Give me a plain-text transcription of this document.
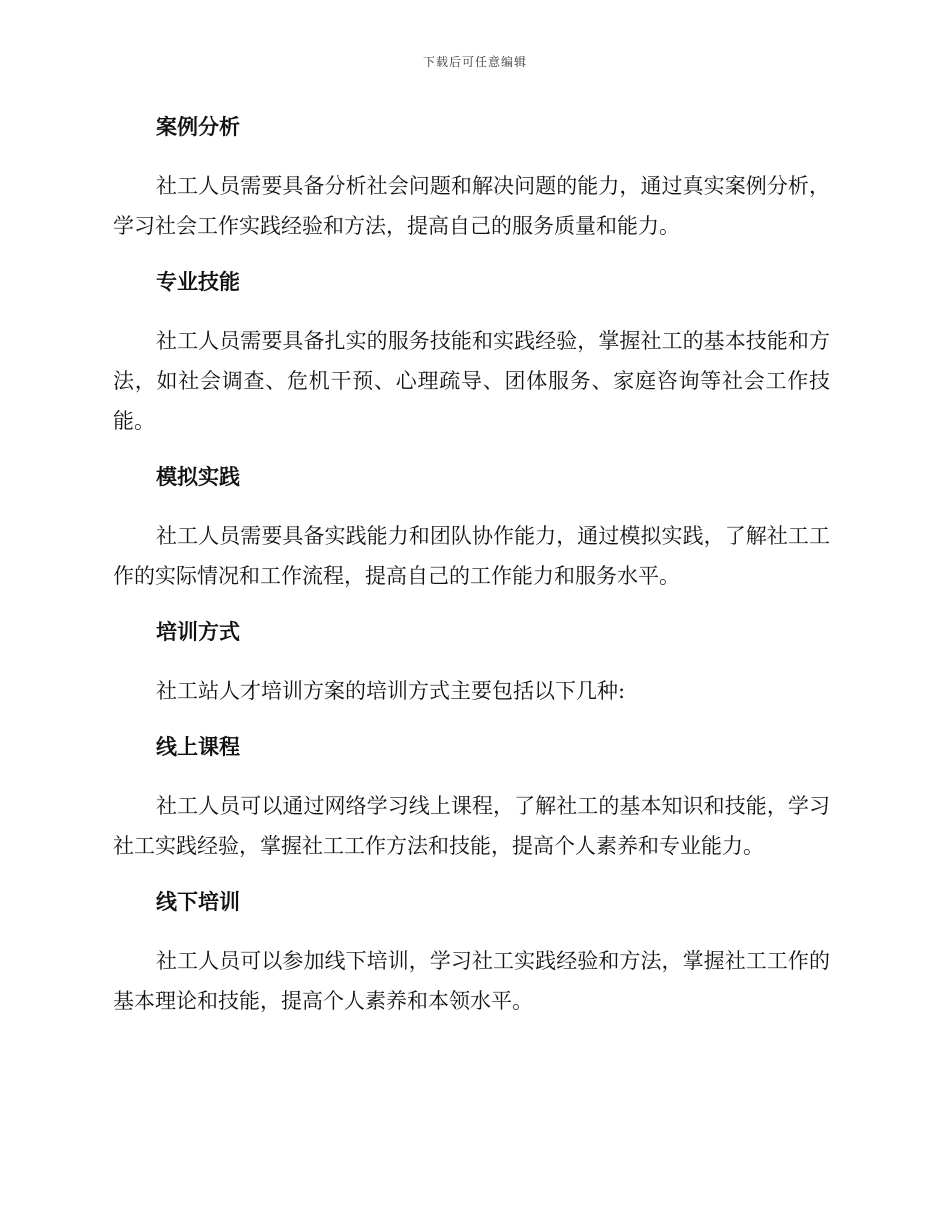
下载后可任意编辑
案例分析

社工人员需要具备分析社会问题和解决问题的能力，通过真实案例分析，学习社会工作实践经验和方法，提高自己的服务质量和能力。

专业技能

社工人员需要具备扎实的服务技能和实践经验，掌握社工的基本技能和方法，如社会调查、危机干预、心理疏导、团体服务、家庭咨询等社会工作技能。

模拟实践

社工人员需要具备实践能力和团队协作能力，通过模拟实践，了解社工工作的实际情况和工作流程，提高自己的工作能力和服务水平。

培训方式

社工站人才培训方案的培训方式主要包括以下几种:

线上课程

社工人员可以通过网络学习线上课程，了解社工的基本知识和技能，学习社工实践经验，掌握社工工作方法和技能，提高个人素养和专业能力。

线下培训

社工人员可以参加线下培训，学习社工实践经验和方法，掌握社工工作的基本理论和技能，提高个人素养和本领水平。
